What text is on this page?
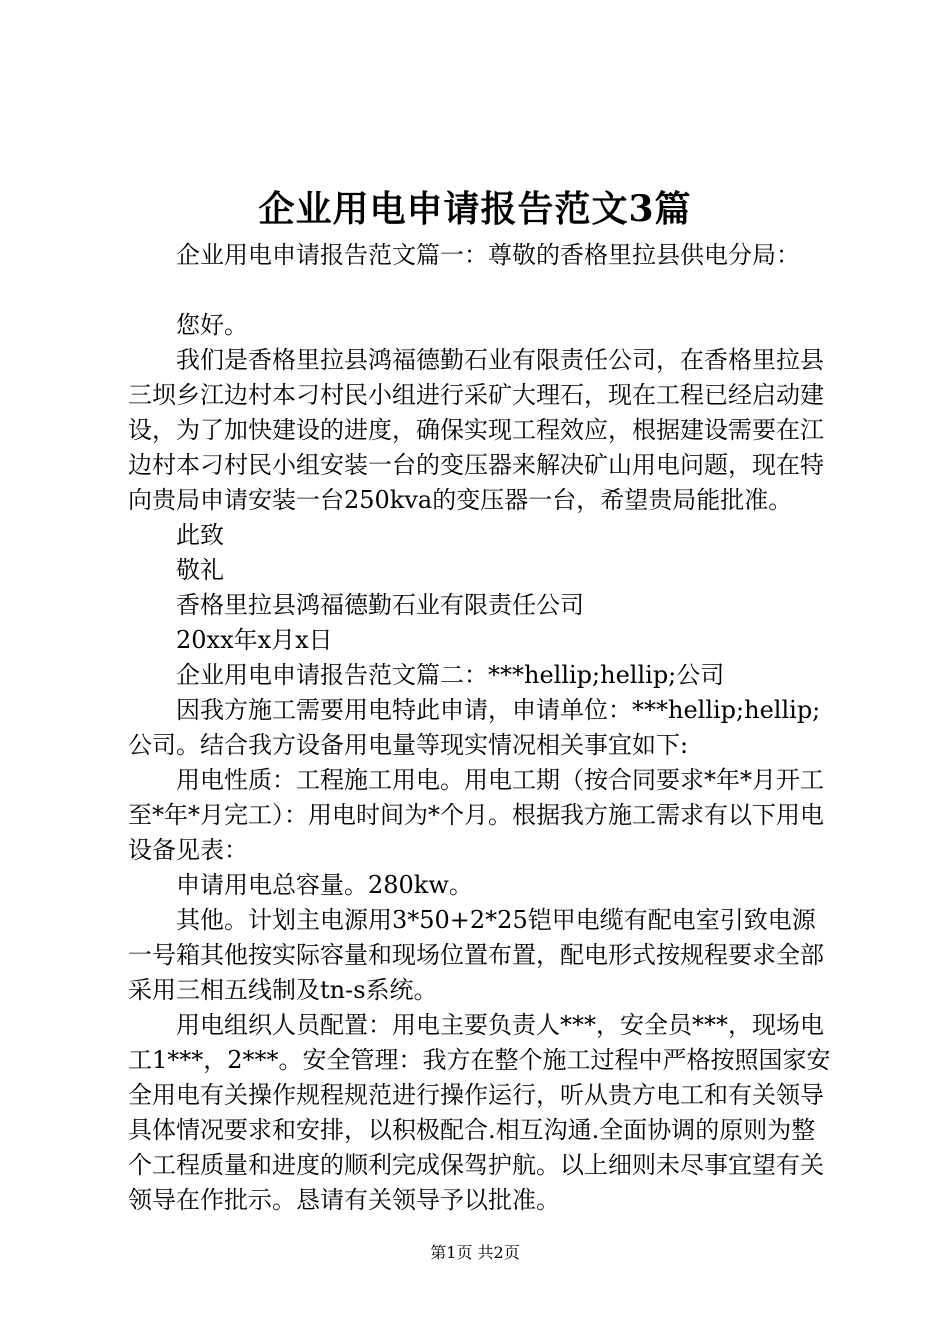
企业用电申请报告范文3篇

企业用电申请报告范文篇一：尊敬的香格里拉县供电分局：

您好。

我们是香格里拉县鸿福德勤石业有限责任公司，在香格里拉县三坝乡江边村本刁村民小组进行采矿大理石，现在工程已经启动建设，为了加快建设的进度，确保实现工程效应，根据建设需要在江边村本刁村民小组安装一台的变压器来解决矿山用电问题，现在特向贵局申请安装一台250kva的变压器一台，希望贵局能批准。

此致

敬礼

香格里拉县鸿福德勤石业有限责任公司

20xx年x月x日

企业用电申请报告范文篇二：***hellip;hellip;公司

因我方施工需要用电特此申请，申请单位：***hellip;hellip;公司。结合我方设备用电量等现实情况相关事宜如下:

用电性质：工程施工用电。用电工期（按合同要求*年*月开工至*年*月完工）：用电时间为*个月。根据我方施工需求有以下用电设备见表：

申请用电总容量。280kw。

其他。计划主电源用3*50+2*25铠甲电缆有配电室引致电源一号箱其他按实际容量和现场位置布置，配电形式按规程要求全部采用三相五线制及tn-s系统。

用电组织人员配置：用电主要负责人***，安全员***，现场电工1***，2***。安全管理：我方在整个施工过程中严格按照国家安全用电有关操作规程规范进行操作运行，听从贵方电工和有关领导具体情况要求和安排，以积极配合.相互沟通.全面协调的原则为整个工程质量和进度的顺利完成保驾护航。以上细则未尽事宜望有关领导在作批示。恳请有关领导予以批准。

第1页 共2页
